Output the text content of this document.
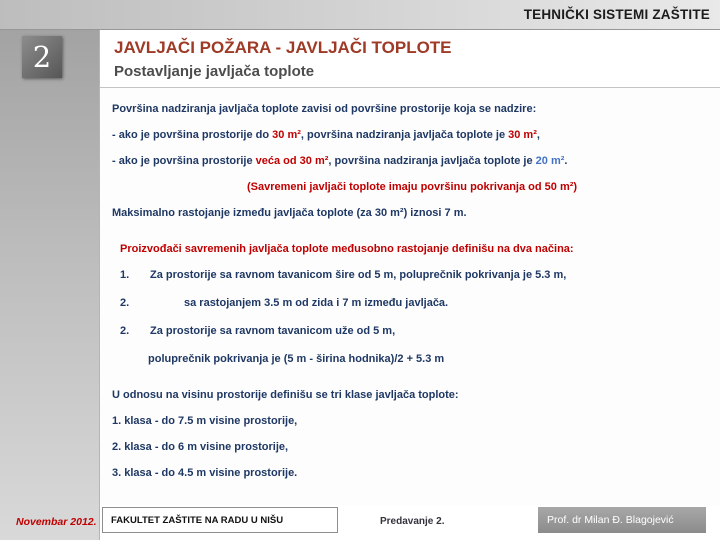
TEHNIČKI SISTEMI ZAŠTITE
2	JAVLJAČI POŽARA - JAVLJAČI TOPLOTE
Postavljanje javljača toplote
Površina nadziranja javljača toplote zavisi od površine prostorije koja se nadzire:
- ako je površina prostorije do 30 m², površina nadziranja javljača toplote je 30 m²,
- ako je površina prostorije veća od 30 m², površina nadziranja javljača toplote je 20 m².
(Savremeni javljači toplote imaju površinu pokrivanja od 50 m²)
Maksimalno rastojanje između javljača toplote (za 30 m²) iznosi 7 m.
Proizvođači savremenih javljača toplote međusobno rastojanje definišu na dva načina:
1. Za prostorije sa ravnom tavanicom šire od 5 m, poluprečnik pokrivanja je 5.3 m,
2.	sa rastojanjem 3.5 m od zida i 7 m između javljača.
2. Za prostorije sa ravnom tavanicom uže od 5 m,
poluprečnik pokrivanja je (5 m - širina hodnika)/2 + 5.3 m
U odnosu na visinu prostorije definišu se tri klase javljača toplote:
1. klasa - do 7.5 m visine prostorije,
2. klasa - do 6 m visine prostorije,
3. klasa - do 4.5 m visine prostorije.
Novembar 2012. FAKULTET ZAŠTITE NA RADU U NIŠU	Predavanje 2.	Prof. dr Milan Đ. Blagojević
